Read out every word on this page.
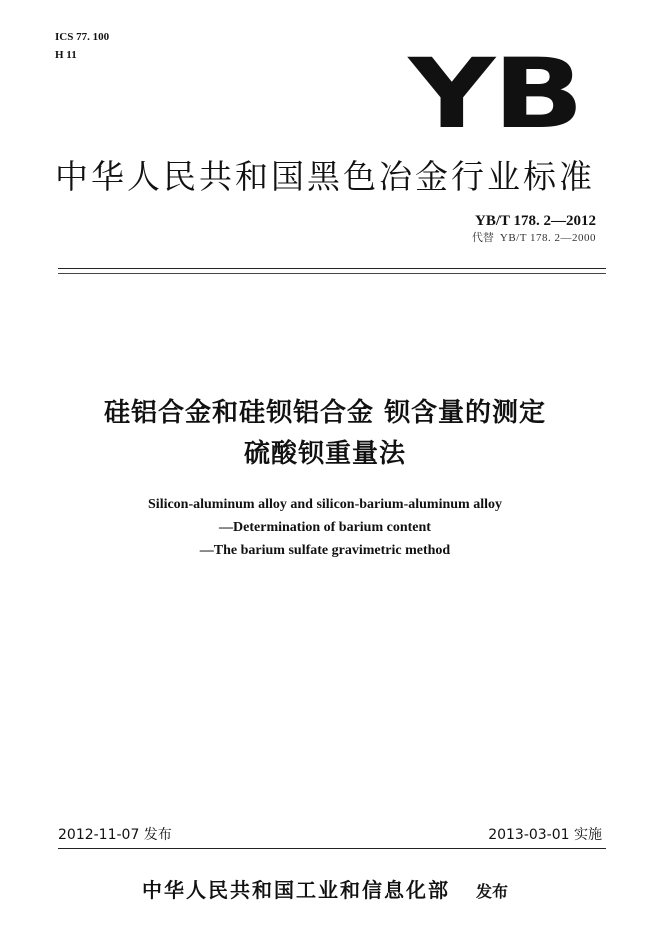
ICS 77. 100
H 11	YB
中华人民共和国黑色冶金行业标准
YB/T 178. 2—2012
代替 YB/T 178. 2—2000
硅铝合金和硅钡铝合金 钡含量的测定
硫酸钡重量法
Silicon-aluminum alloy and silicon-barium-aluminum alloy
—Determination of barium content
—The barium sulfate gravimetric method
2012-11-07 发布	2013-03-01 实施
中华人民共和国工业和信息化部 发布
